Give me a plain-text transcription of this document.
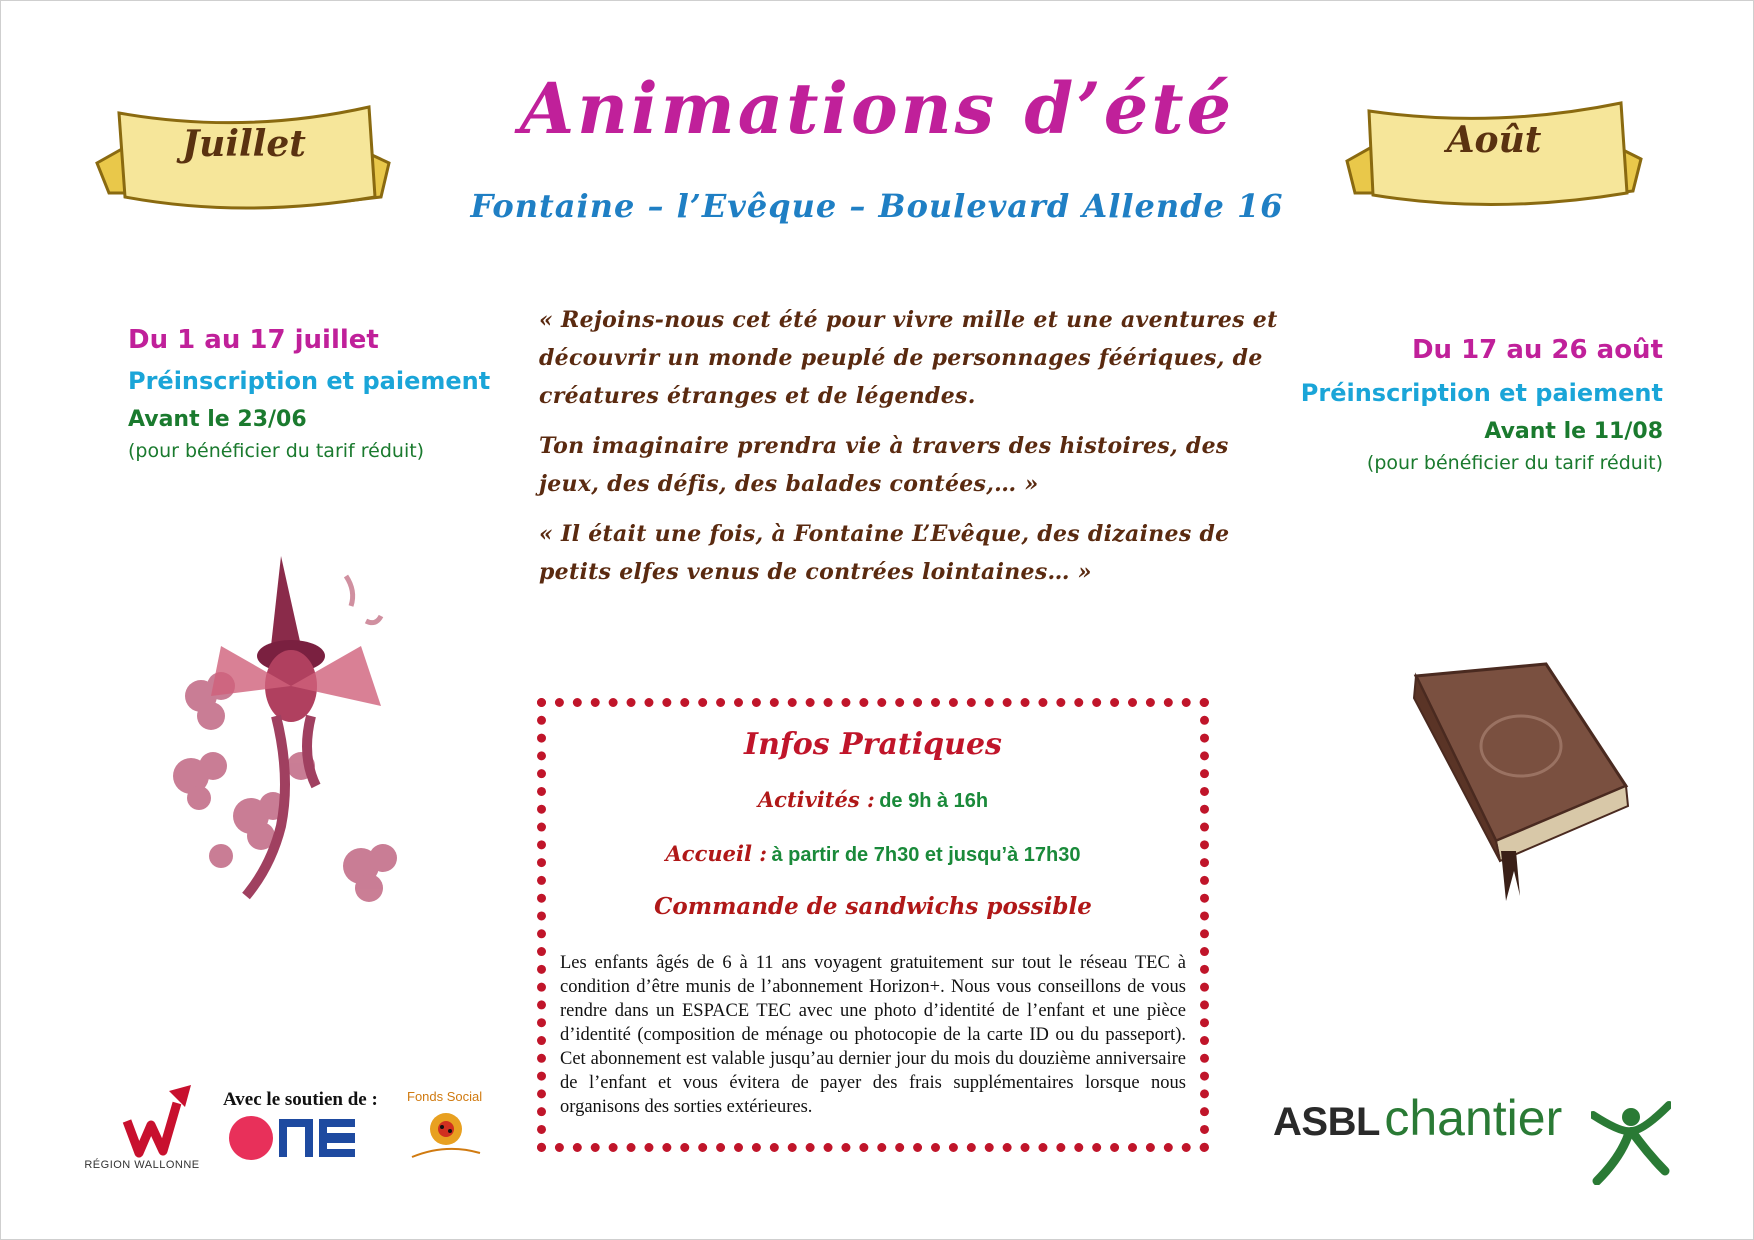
Juillet	Août
Animations d’été
Fontaine – l’Evêque – Boulevard Allende 16
Du 1 au 17 juillet
Préinscription et paiement
Avant le 23/06
(pour bénéficier du tarif réduit)
Du 17 au 26 août
Préinscription et paiement
Avant le 11/08
(pour bénéficier du tarif réduit)

« Rejoins-nous cet été pour vivre mille et une aventures et découvrir un monde peuplé de personnages féériques, de créatures étranges et de légendes.

Ton imaginaire prendra vie à travers des histoires, des jeux, des défis, des balades contées,… »

« Il était une fois, à Fontaine L’Evêque, des dizaines de petits elfes venus de contrées lointaines… »

Infos Pratiques
Activités : de 9h à 16h
Accueil : à partir de 7h30 et jusqu’à 17h30
Commande de sandwichs possible
Les enfants âgés de 6 à 11 ans voyagent gratuitement sur tout le réseau TEC à condition d’être munis de l’abonnement Horizon+. Nous vous conseillons de vous rendre dans un ESPACE TEC avec une photo d’identité de l’enfant et une pièce d’identité (composition de ménage ou photocopie de la carte ID ou du passeport). Cet abonnement est valable jusqu’au dernier jour du mois du douzième anniversaire de l’enfant et vous évitera de payer des frais supplémentaires lorsque nous organisons des sorties extérieures.
RÉGION WALLONNE
Avec le soutien de : Fonds Social
ASBL chantier
